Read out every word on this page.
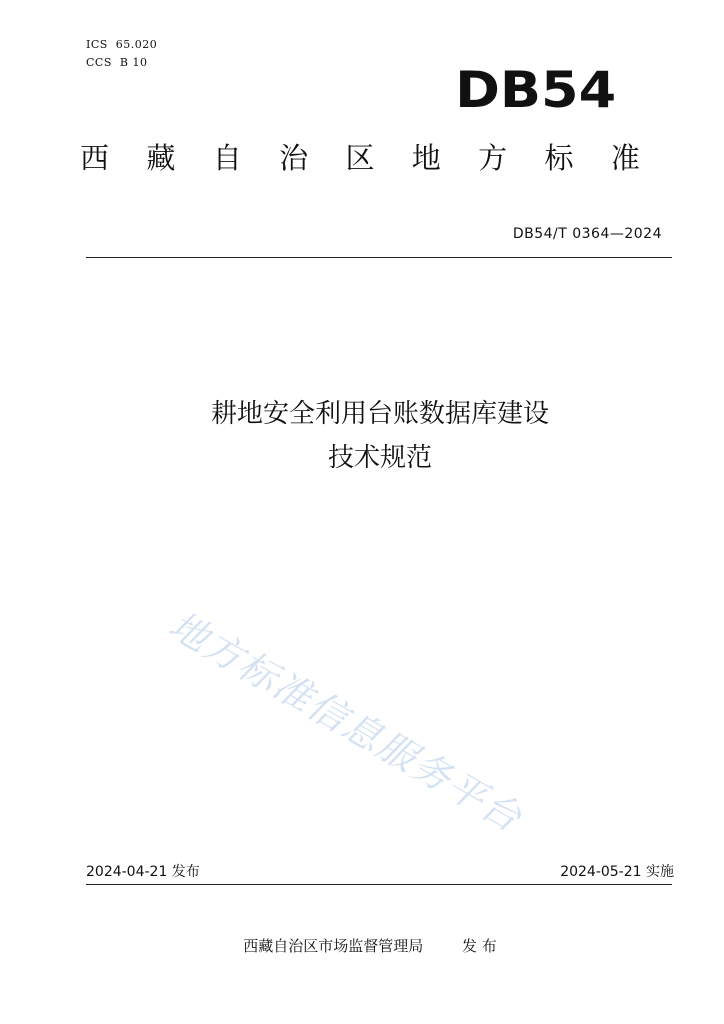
ICS  65.020
CCS  B 10	DB54
西 藏 自 治 区 地 方 标 准
DB54/T 0364—2024
耕地安全利用台账数据库建设
技术规范
地方标准信息服务平台
2024-04-21 发布	2024-05-21 实施
西藏自治区市场监督管理局	发 布
